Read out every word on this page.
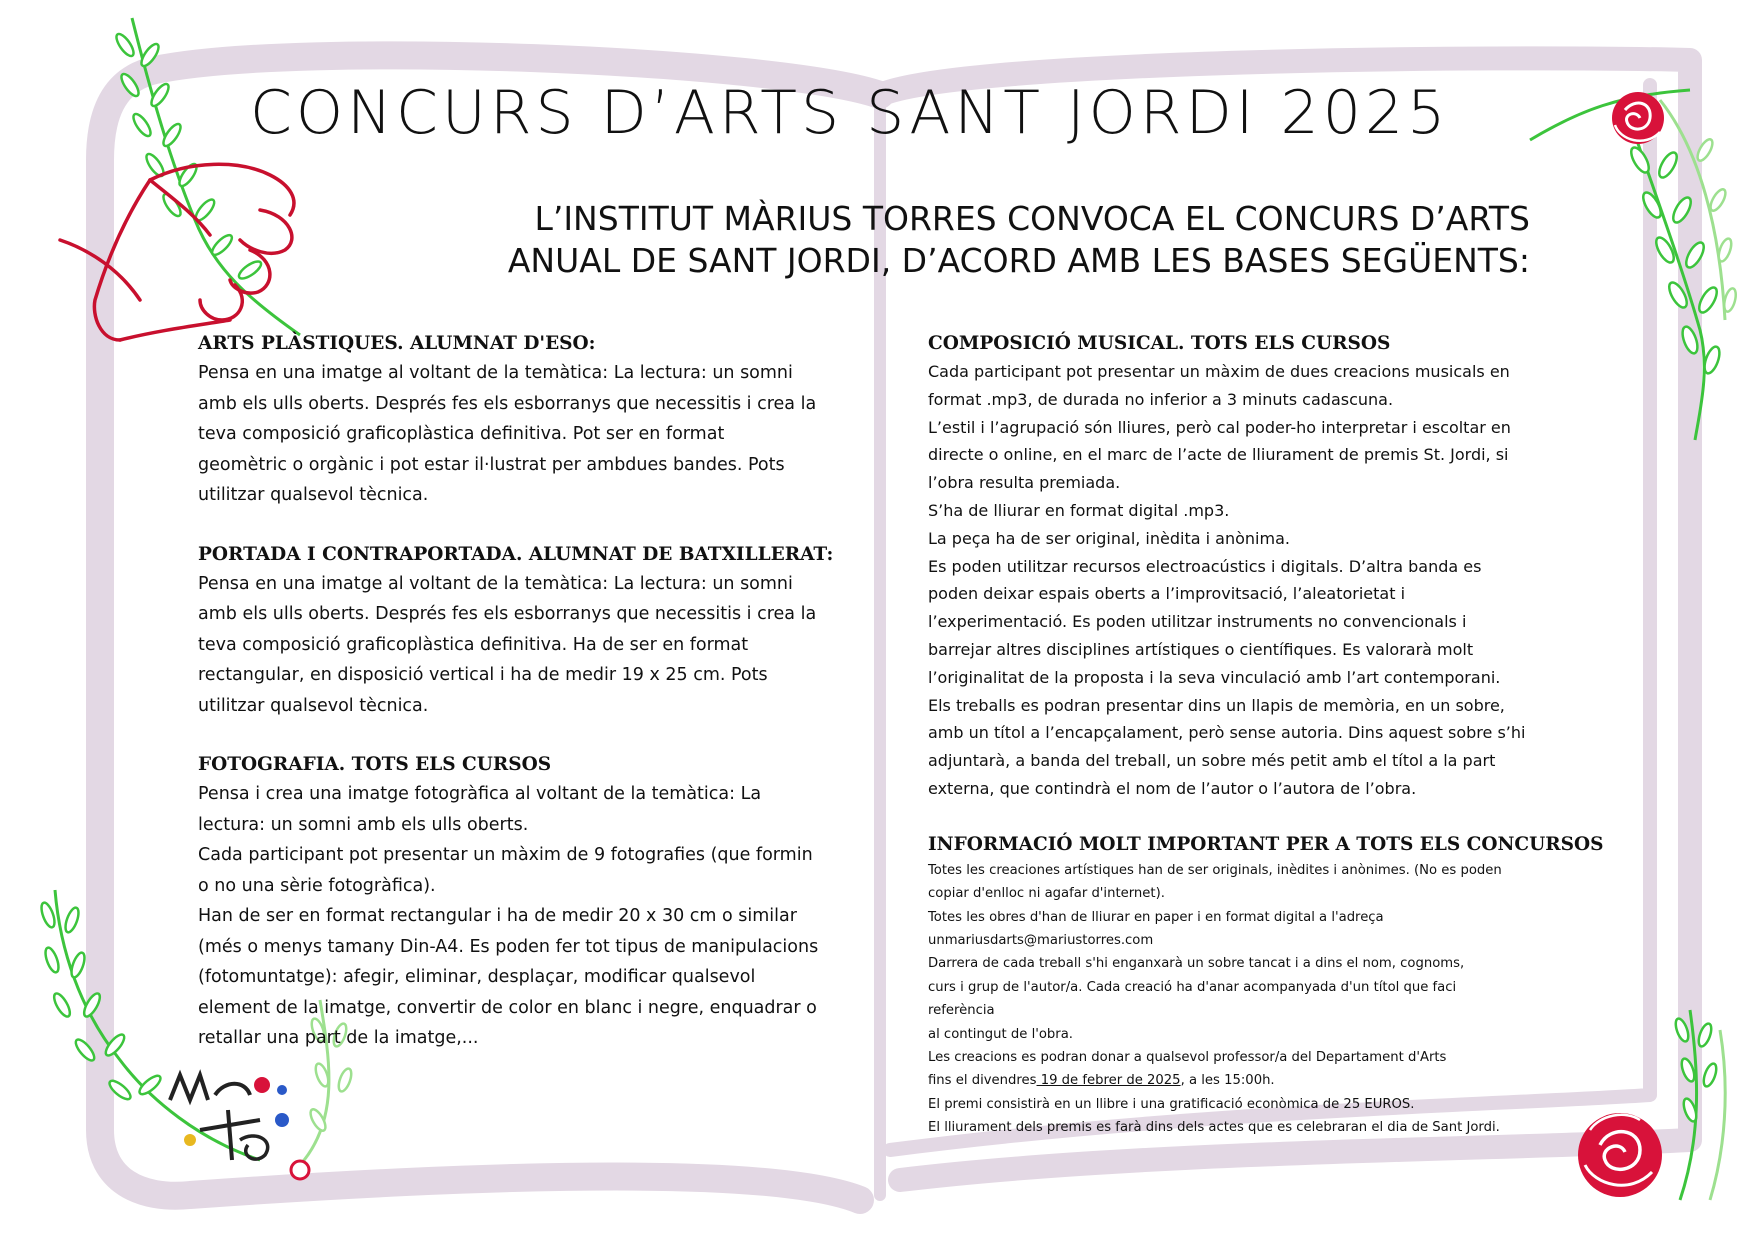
CONCURS D’ARTS SANT JORDI 2025
L’INSTITUT MÀRIUS TORRES CONVOCA EL CONCURS D’ARTS
ANUAL DE SANT JORDI, D’ACORD AMB LES BASES SEGÜENTS:
ARTS PLÀSTIQUES. ALUMNAT D'ESO:

Pensa en una imatge al voltant de la temàtica: La lectura: un somni

amb els ulls oberts. Després fes els esborranys que necessitis i crea la

teva composició graficoplàstica definitiva. Pot ser en format

geomètric o orgànic i pot estar il·lustrat per ambdues bandes. Pots

utilitzar qualsevol tècnica.

PORTADA I CONTRAPORTADA. ALUMNAT DE BATXILLERAT:

Pensa en una imatge al voltant de la temàtica: La lectura: un somni

amb els ulls oberts. Després fes els esborranys que necessitis i crea la

teva composició graficoplàstica definitiva. Ha de ser en format

rectangular, en disposició vertical i ha de medir 19 x 25 cm. Pots

utilitzar qualsevol tècnica.

FOTOGRAFIA. TOTS ELS CURSOS

Pensa i crea una imatge fotogràfica al voltant de la temàtica: La

lectura: un somni amb els ulls oberts.

Cada participant pot presentar un màxim de 9 fotografies (que formin

o no una sèrie fotogràfica).

Han de ser en format rectangular i ha de medir 20 x 30 cm o similar

(més o menys tamany Din-A4. Es poden fer tot tipus de manipulacions

(fotomuntatge): afegir, eliminar, desplaçar, modificar qualsevol

element de la imatge, convertir de color en blanc i negre, enquadrar o

retallar una part de la imatge,...

COMPOSICIÓ MUSICAL. TOTS ELS CURSOS

Cada participant pot presentar un màxim de dues creacions musicals en

format .mp3, de durada no inferior a 3 minuts cadascuna.

L’estil i l’agrupació són lliures, però cal poder-ho interpretar i escoltar en

directe o online, en el marc de l’acte de lliurament de premis St. Jordi, si

l’obra resulta premiada.

S’ha de lliurar en format digital .mp3.

La peça ha de ser original, inèdita i anònima.

Es poden utilitzar recursos electroacústics i digitals. D’altra banda es

poden deixar espais oberts a l’improvitsació, l’aleatorietat i

l’experimentació. Es poden utilitzar instruments no convencionals i

barrejar altres disciplines artístiques o científiques. Es valorarà molt

l’originalitat de la proposta i la seva vinculació amb l’art contemporani.

Els treballs es podran presentar dins un llapis de memòria, en un sobre,

amb un títol a l’encapçalament, però sense autoria. Dins aquest sobre s’hi

adjuntarà, a banda del treball, un sobre més petit amb el títol a la part

externa, que contindrà el nom de l’autor o l’autora de l’obra.

INFORMACIÓ MOLT IMPORTANT PER A TOTS ELS CONCURSOS

Totes les creaciones artístiques han de ser originals, inèdites i anònimes. (No es poden

copiar d'enlloc ni agafar d'internet).

Totes les obres d'han de lliurar en paper i en format digital a l'adreça

unmariusdarts@mariustorres.com

Darrera de cada treball s'hi enganxarà un sobre tancat i a dins el nom, cognoms,

curs i grup de l'autor/a. Cada creació ha d'anar acompanyada d'un títol que faci

referència

al contingut de l'obra.

Les creacions es podran donar a qualsevol professor/a del Departament d'Arts

fins el divendres 19 de febrer de 2025, a les 15:00h.

El premi consistirà en un llibre i una gratificació econòmica de 25 EUROS.

El lliurament dels premis es farà dins dels actes que es celebraran el dia de Sant Jordi.
